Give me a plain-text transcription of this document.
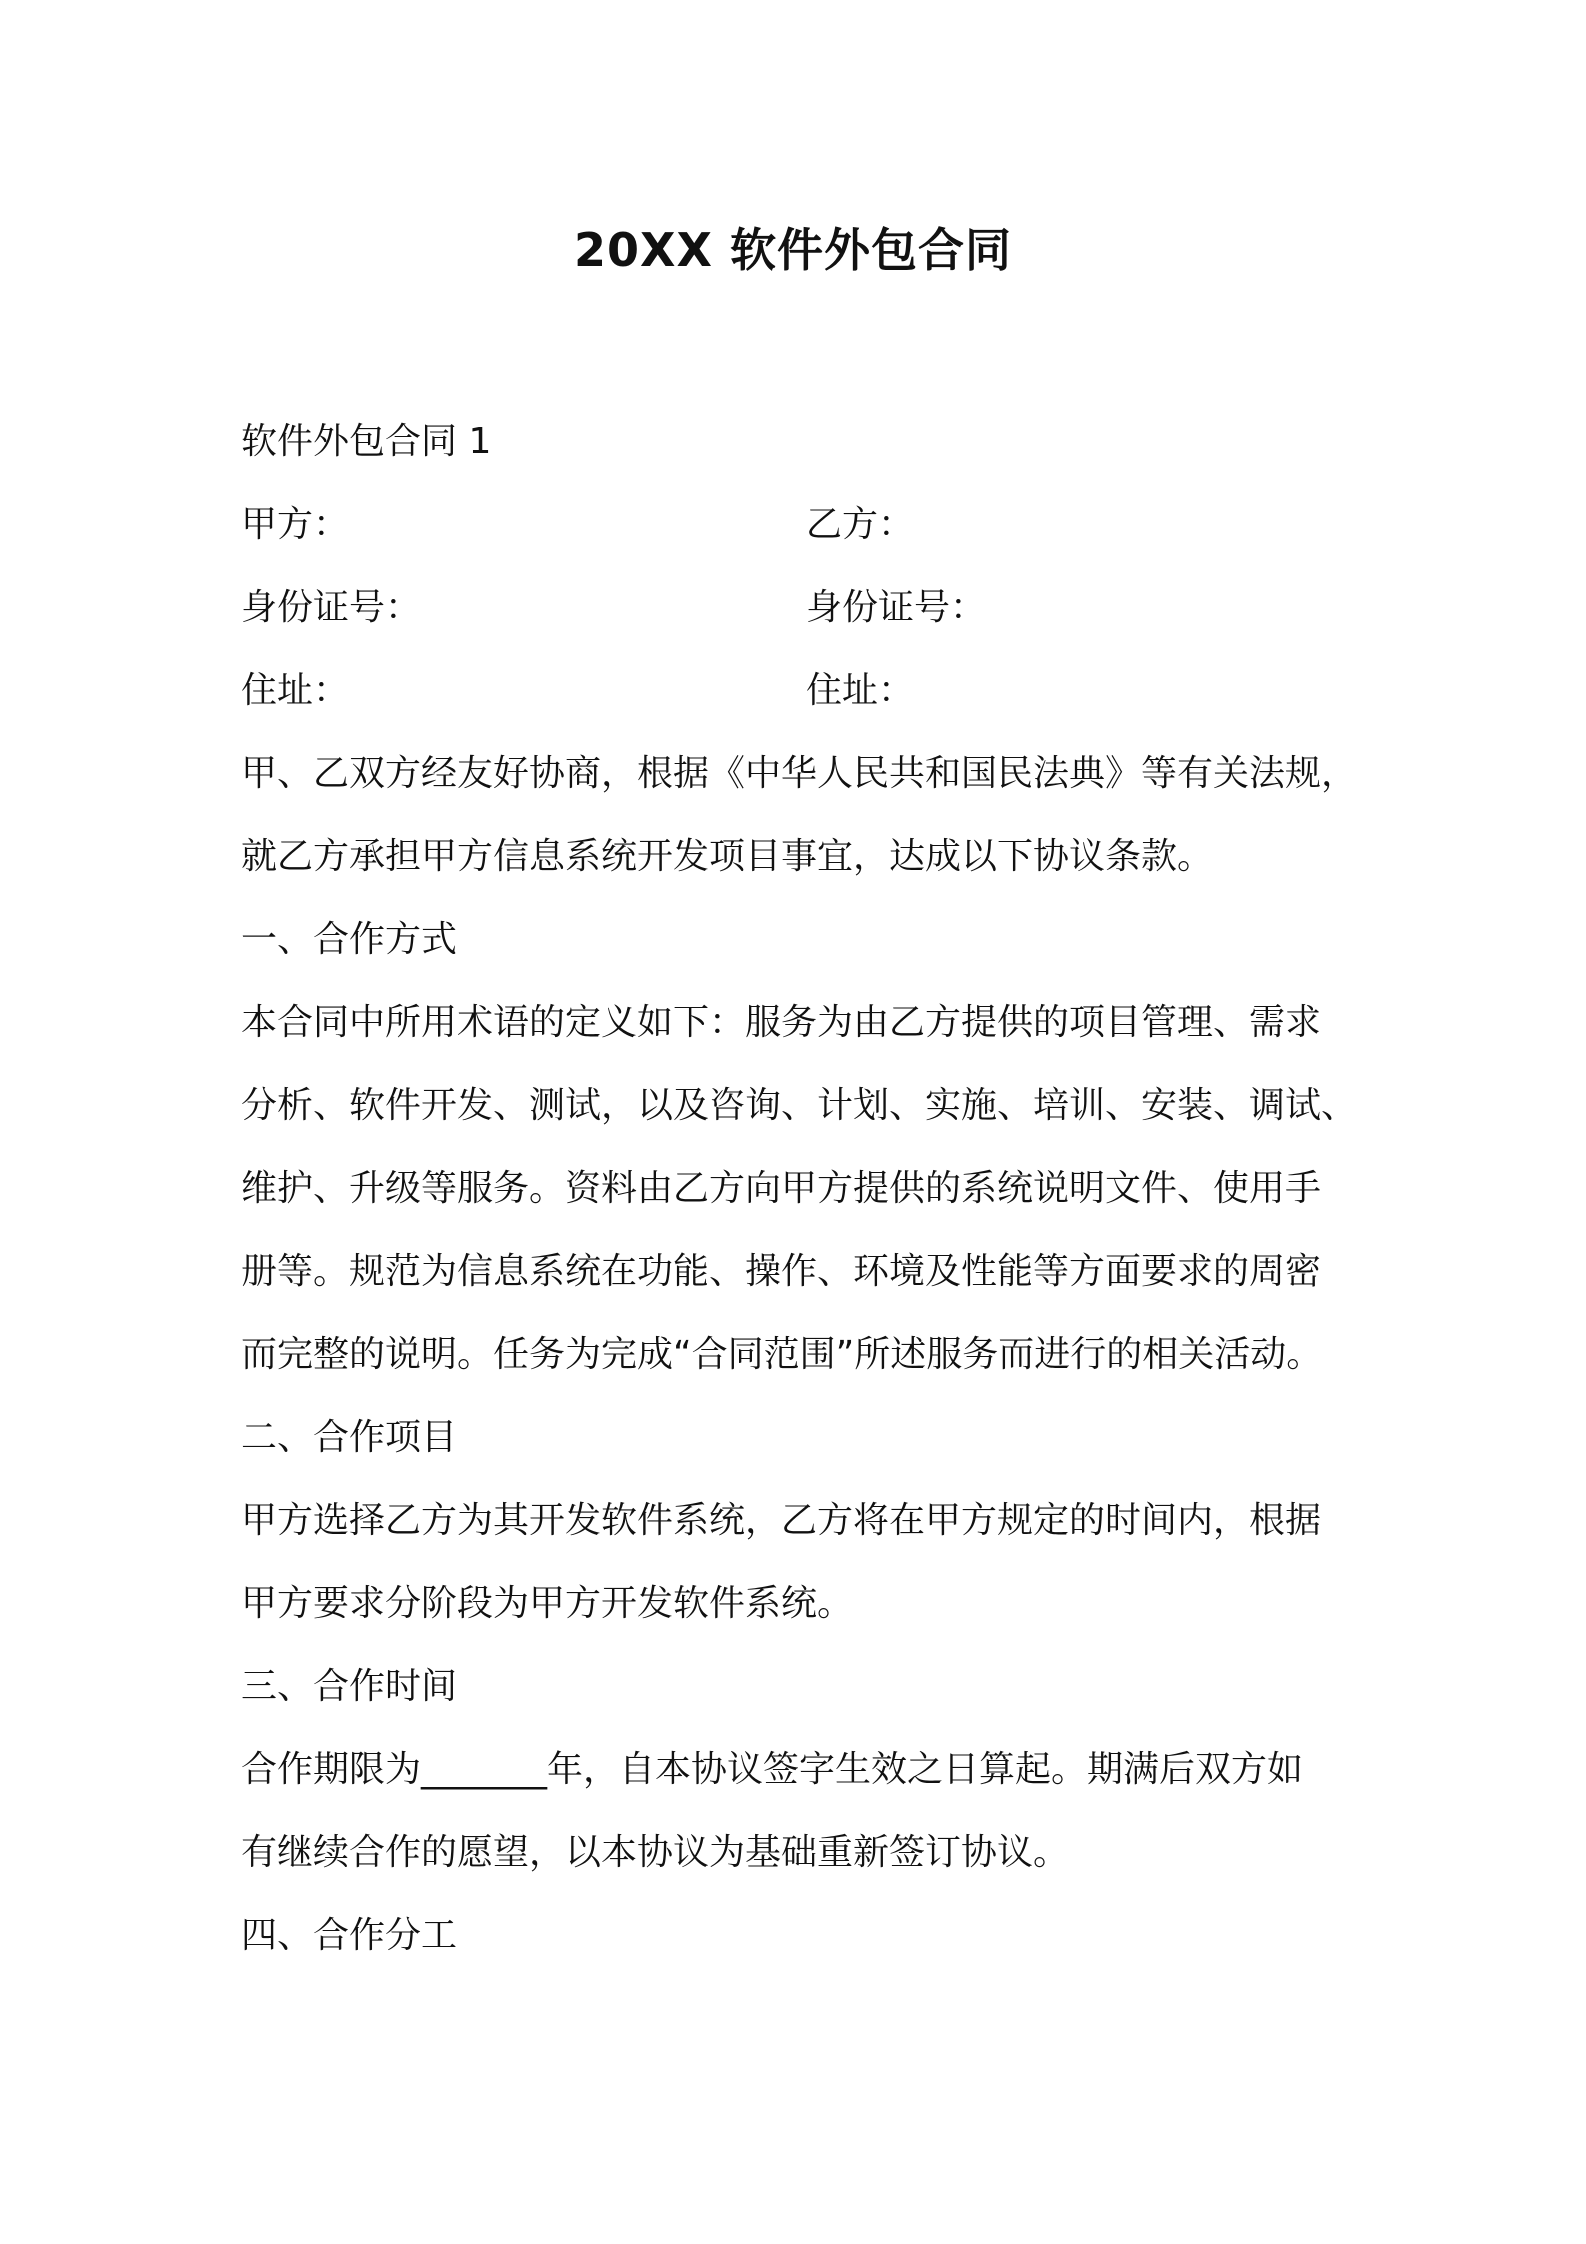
20XX 软件外包合同
软件外包合同 1
甲方：	乙方：
身份证号：	身份证号：
住址：	住址：
甲、乙双方经友好协商，根据《中华人民共和国民法典》等有关法规，
就乙方承担甲方信息系统开发项目事宜，达成以下协议条款。
一、合作方式
本合同中所用术语的定义如下：服务为由乙方提供的项目管理、需求
分析、软件开发、测试，以及咨询、计划、实施、培训、安装、调试、
维护、升级等服务。资料由乙方向甲方提供的系统说明文件、使用手
册等。规范为信息系统在功能、操作、环境及性能等方面要求的周密
而完整的说明。任务为完成“合同范围”所述服务而进行的相关活动。
二、合作项目
甲方选择乙方为其开发软件系统，乙方将在甲方规定的时间内，根据
甲方要求分阶段为甲方开发软件系统。
三、合作时间
合作期限为_______年，自本协议签字生效之日算起。期满后双方如
有继续合作的愿望，以本协议为基础重新签订协议。
四、合作分工
